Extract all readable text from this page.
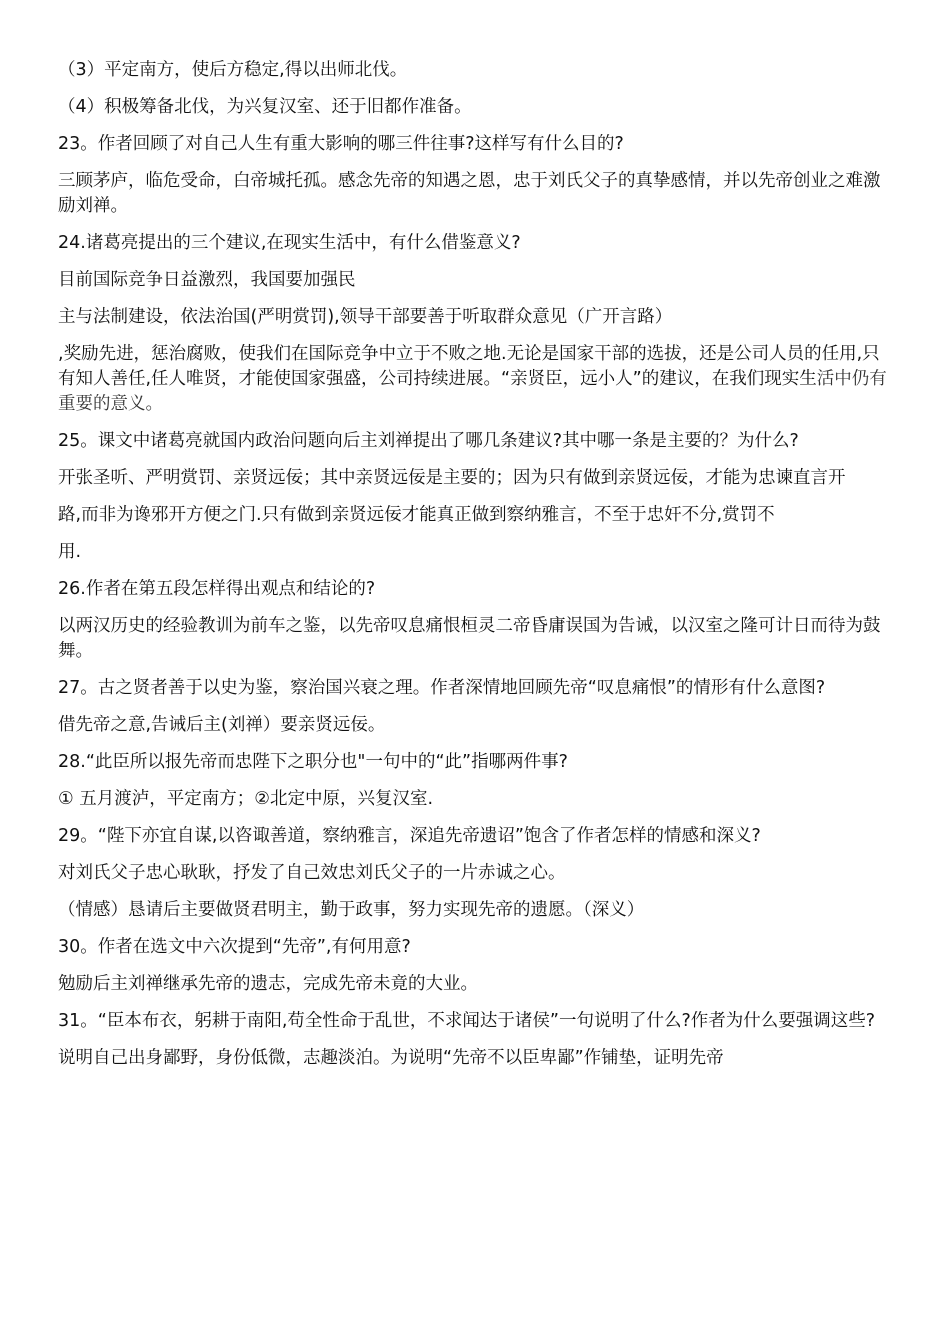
（3）平定南方，使后方稳定,得以出师北伐。

（4）积极筹备北伐，为兴复汉室、还于旧都作准备。

23。作者回顾了对自己人生有重大影响的哪三件往事?这样写有什么目的?

三顾茅庐，临危受命，白帝城托孤。感念先帝的知遇之恩，忠于刘氏父子的真挚感情，并以先帝创业之难激励刘禅。

24.诸葛亮提出的三个建议,在现实生活中，有什么借鉴意义?

目前国际竞争日益激烈，我国要加强民

主与法制建设，依法治国(严明赏罚),领导干部要善于听取群众意见（广开言路）

,奖励先进，惩治腐败，使我们在国际竞争中立于不败之地.无论是国家干部的选拔，还是公司人员的任用,只有知人善任,任人唯贤，才能使国家强盛，公司持续进展。“亲贤臣，远小人”的建议，在我们现实生活中仍有重要的意义。

25。课文中诸葛亮就国内政治问题向后主刘禅提出了哪几条建议?其中哪一条是主要的？为什么?

开张圣听、严明赏罚、亲贤远佞；其中亲贤远佞是主要的；因为只有做到亲贤远佞，才能为忠谏直言开

路,而非为谗邪开方便之门.只有做到亲贤远佞才能真正做到察纳雅言，不至于忠奸不分,赏罚不

用.

26.作者在第五段怎样得出观点和结论的?

以两汉历史的经验教训为前车之鉴，以先帝叹息痛恨桓灵二帝昏庸误国为告诫，以汉室之隆可计日而待为鼓舞。

27。古之贤者善于以史为鉴，察治国兴衰之理。作者深情地回顾先帝“叹息痛恨”的情形有什么意图?

借先帝之意,告诫后主(刘禅）要亲贤远佞。

28.“此臣所以报先帝而忠陛下之职分也"一句中的“此”指哪两件事?

① 五月渡泸，平定南方；②北定中原，兴复汉室.

29。“陛下亦宜自谋,以咨诹善道，察纳雅言，深追先帝遗诏”饱含了作者怎样的情感和深义?

对刘氏父子忠心耿耿，抒发了自己效忠刘氏父子的一片赤诚之心。

（情感）恳请后主要做贤君明主，勤于政事，努力实现先帝的遗愿。（深义）

30。作者在选文中六次提到“先帝”,有何用意?

勉励后主刘禅继承先帝的遗志，完成先帝未竟的大业。

31。“臣本布衣，躬耕于南阳,苟全性命于乱世，不求闻达于诸侯”一句说明了什么?作者为什么要强调这些?

说明自己出身鄙野，身份低微，志趣淡泊。为说明“先帝不以臣卑鄙”作铺垫，证明先帝
